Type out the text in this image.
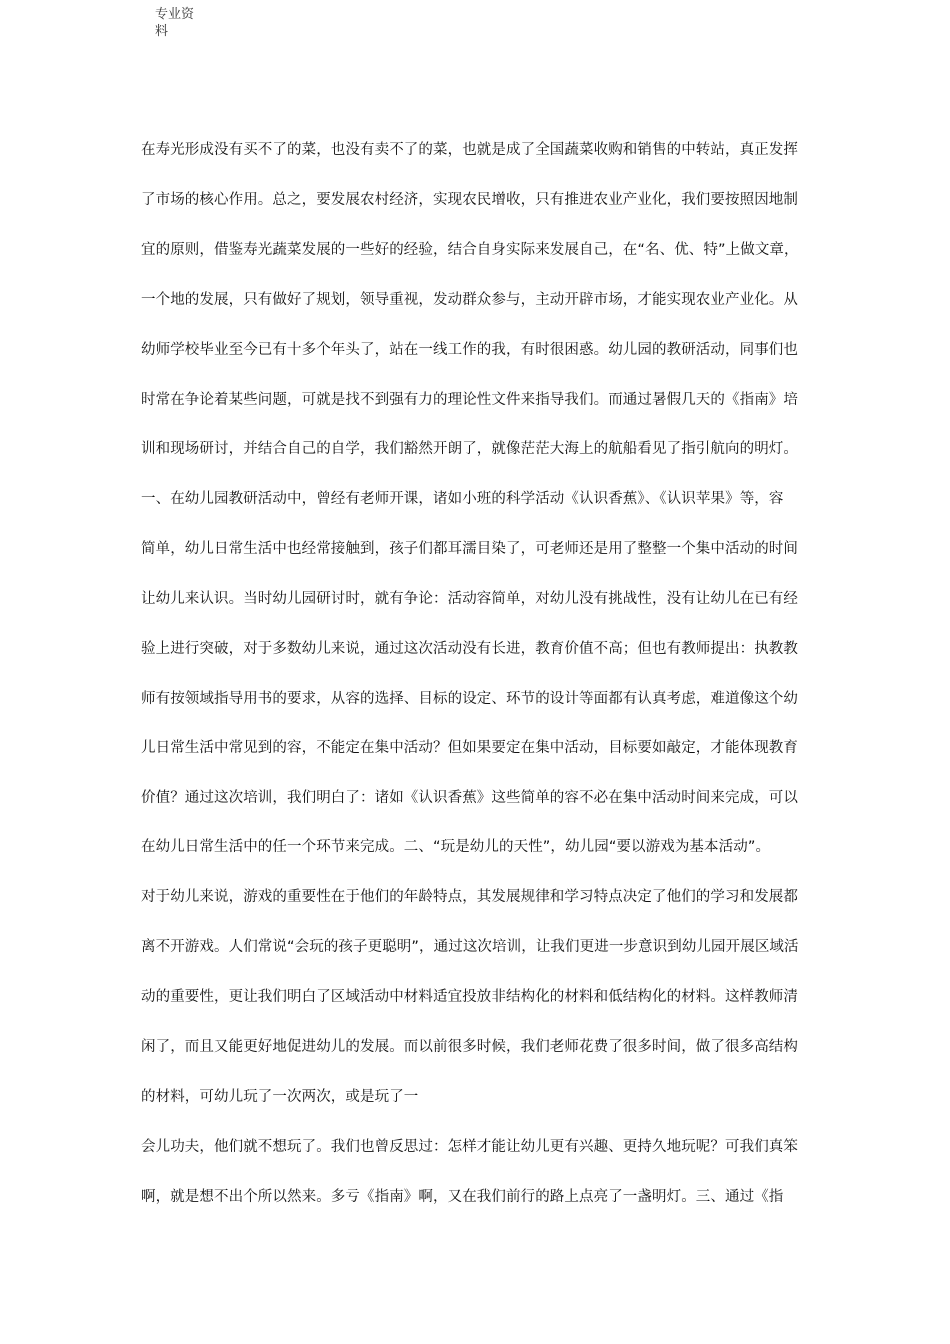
专业资
料
在寿光形成没有买不了的菜，也没有卖不了的菜，也就是成了全国蔬菜收购和销售的中转站，真正发挥
了市场的核心作用。总之，要发展农村经济，实现农民增收，只有推进农业产业化，我们要按照因地制
宜的原则，借鉴寿光蔬菜发展的一些好的经验，结合自身实际来发展自己，在“名、优、特”上做文章，
一个地的发展，只有做好了规划，领导重视，发动群众参与，主动开辟市场，才能实现农业产业化。从
幼师学校毕业至今已有十多个年头了，站在一线工作的我，有时很困惑。幼儿园的教研活动，同事们也
时常在争论着某些问题，可就是找不到强有力的理论性文件来指导我们。而通过暑假几天的《指南》培
训和现场研讨，并结合自己的自学，我们豁然开朗了，就像茫茫大海上的航船看见了指引航向的明灯。
一、在幼儿园教研活动中，曾经有老师开课，诸如小班的科学活动《认识香蕉》、《认识苹果》等，容
简单，幼儿日常生活中也经常接触到，孩子们都耳濡目染了，可老师还是用了整整一个集中活动的时间
让幼儿来认识。当时幼儿园研讨时，就有争论：活动容简单，对幼儿没有挑战性，没有让幼儿在已有经
验上进行突破，对于多数幼儿来说，通过这次活动没有长进，教育价值不高；但也有教师提出：执教教
师有按领域指导用书的要求，从容的选择、目标的设定、环节的设计等面都有认真考虑，难道像这个幼
儿日常生活中常见到的容，不能定在集中活动？但如果要定在集中活动，目标要如敲定，才能体现教育
价值？通过这次培训，我们明白了：诸如《认识香蕉》这些简单的容不必在集中活动时间来完成，可以
在幼儿日常生活中的任一个环节来完成。二、“玩是幼儿的天性”，幼儿园“要以游戏为基本活动”。
对于幼儿来说，游戏的重要性在于他们的年龄特点，其发展规律和学习特点决定了他们的学习和发展都
离不开游戏。人们常说“会玩的孩子更聪明”，通过这次培训，让我们更进一步意识到幼儿园开展区域活
动的重要性，更让我们明白了区域活动中材料适宜投放非结构化的材料和低结构化的材料。这样教师清
闲了，而且又能更好地促进幼儿的发展。而以前很多时候，我们老师花费了很多时间，做了很多高结构
的材料，可幼儿玩了一次两次，或是玩了一
会儿功夫，他们就不想玩了。我们也曾反思过：怎样才能让幼儿更有兴趣、更持久地玩呢？可我们真笨
啊，就是想不出个所以然来。多亏《指南》啊，又在我们前行的路上点亮了一盏明灯。三、通过《指
